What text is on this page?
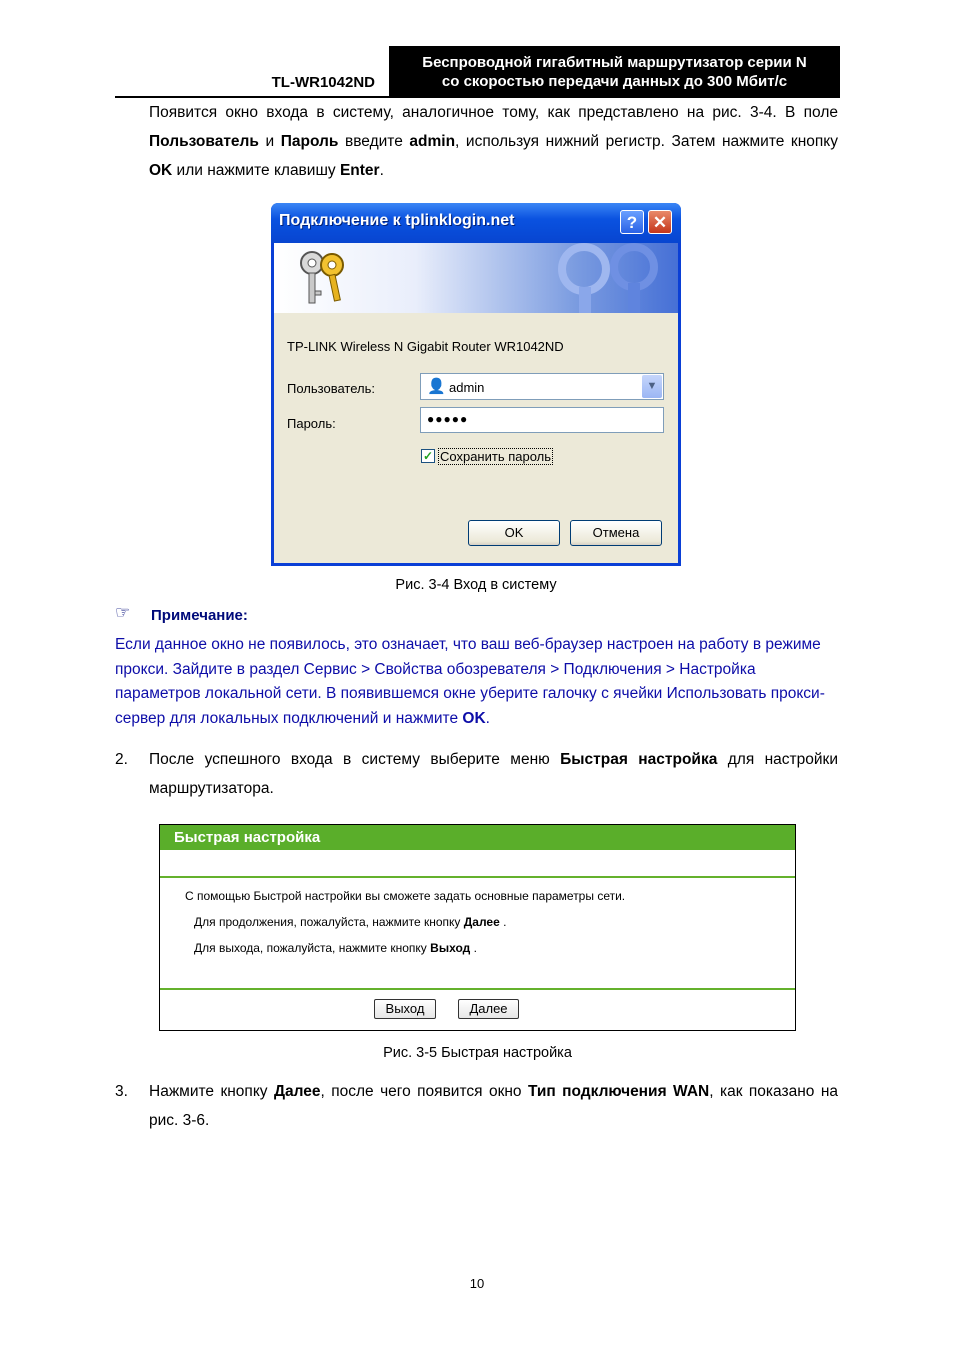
TL-WR1042ND
Беспроводной гигабитный маршрутизатор серии N
со скоростью передачи данных до 300 Мбит/с
Появится окно входа в систему, аналогичное тому, как представлено на рис. 3-4. В поле Пользователь и Пароль введите admin, используя нижний регистр. Затем нажмите кнопку OK или нажмите клавишу Enter.
Подключение к tplinklogin.net	? ✕
TP-LINK Wireless N Gigabit Router WR1042ND
Пользователь:	👤 admin	▼
Пароль:	●●●●●
✓ Сохранить пароль
OK	Отмена
Рис. 3-4 Вход в систему
☞ Примечание:
Если данное окно не появилось, это означает, что ваш веб-браузер настроен на работу в режиме прокси. Зайдите в раздел Сервис > Свойства обозревателя > Подключения > Настройка параметров локальной сети. В появившемся окне уберите галочку с ячейки Использовать прокси-сервер для локальных подключений и нажмите OK.
2. После успешного входа в систему выберите меню Быстрая настройка для настройки маршрутизатора.
Быстрая настройка
С помощью Быстрой настройки вы сможете задать основные параметры сети.
Для продолжения, пожалуйста, нажмите кнопку Далее .
Для выхода, пожалуйста, нажмите кнопку Выход .
Выход	Далее
Рис. 3-5 Быстрая настройка
3. Нажмите кнопку Далее, после чего появится окно Тип подключения WAN, как показано на рис. 3-6.
10
